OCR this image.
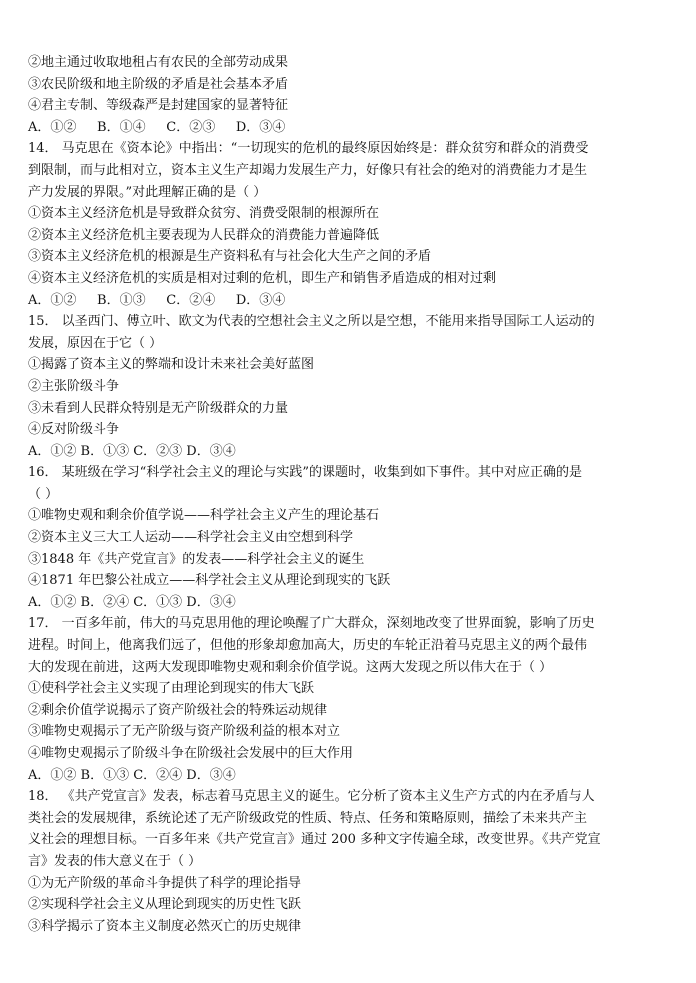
②地主通过收取地租占有农民的全部劳动成果

③农民阶级和地主阶级的矛盾是社会基本矛盾

④君主专制、等级森严是封建国家的显著特征

A．①②     B．①④     C．②③     D．③④

14． 马克思在《资本论》中指出：“一切现实的危机的最终原因始终是：群众贫穷和群众的消费受

到限制，而与此相对立，资本主义生产却竭力发展生产力，好像只有社会的绝对的消费能力才是生

产力发展的界限。”对此理解正确的是（ ）

①资本主义经济危机是导致群众贫穷、消费受限制的根源所在

②资本主义经济危机主要表现为人民群众的消费能力普遍降低

③资本主义经济危机的根源是生产资料私有与社会化大生产之间的矛盾

④资本主义经济危机的实质是相对过剩的危机，即生产和销售矛盾造成的相对过剩

A．①②     B．①③     C．②④     D．③④

15． 以圣西门、傅立叶、欧文为代表的空想社会主义之所以是空想，不能用来指导国际工人运动的

发展，原因在于它（ ）

①揭露了资本主义的弊端和设计未来社会美好蓝图

②主张阶级斗争

③未看到人民群众特别是无产阶级群众的力量

④反对阶级斗争

A．①② B．①③ C．②③ D．③④

16． 某班级在学习“科学社会主义的理论与实践”的课题时，收集到如下事件。其中对应正确的是

（ ）

①唯物史观和剩余价值学说——科学社会主义产生的理论基石

②资本主义三大工人运动——科学社会主义由空想到科学

③1848 年《共产党宣言》的发表——科学社会主义的诞生

④1871 年巴黎公社成立——科学社会主义从理论到现实的飞跃

A．①② B．②④ C．①③ D．③④

17． 一百多年前，伟大的马克思用他的理论唤醒了广大群众，深刻地改变了世界面貌，影响了历史

进程。时间上，他离我们远了，但他的形象却愈加高大，历史的车轮正沿着马克思主义的两个最伟

大的发现在前进，这两大发现即唯物史观和剩余价值学说。这两大发现之所以伟大在于（ ）

①使科学社会主义实现了由理论到现实的伟大飞跃

②剩余价值学说揭示了资产阶级社会的特殊运动规律

③唯物史观揭示了无产阶级与资产阶级利益的根本对立

④唯物史观揭示了阶级斗争在阶级社会发展中的巨大作用

A．①② B．①③ C．②④ D．③④

18． 《共产党宣言》发表，标志着马克思主义的诞生。它分析了资本主义生产方式的内在矛盾与人

类社会的发展规律，系统论述了无产阶级政党的性质、特点、任务和策略原则，描绘了未来共产主

义社会的理想目标。一百多年来《共产党宣言》通过 200 多种文字传遍全球，改变世界。《共产党宣

言》发表的伟大意义在于（ ）

①为无产阶级的革命斗争提供了科学的理论指导

②实现科学社会主义从理论到现实的历史性飞跃

③科学揭示了资本主义制度必然灭亡的历史规律
